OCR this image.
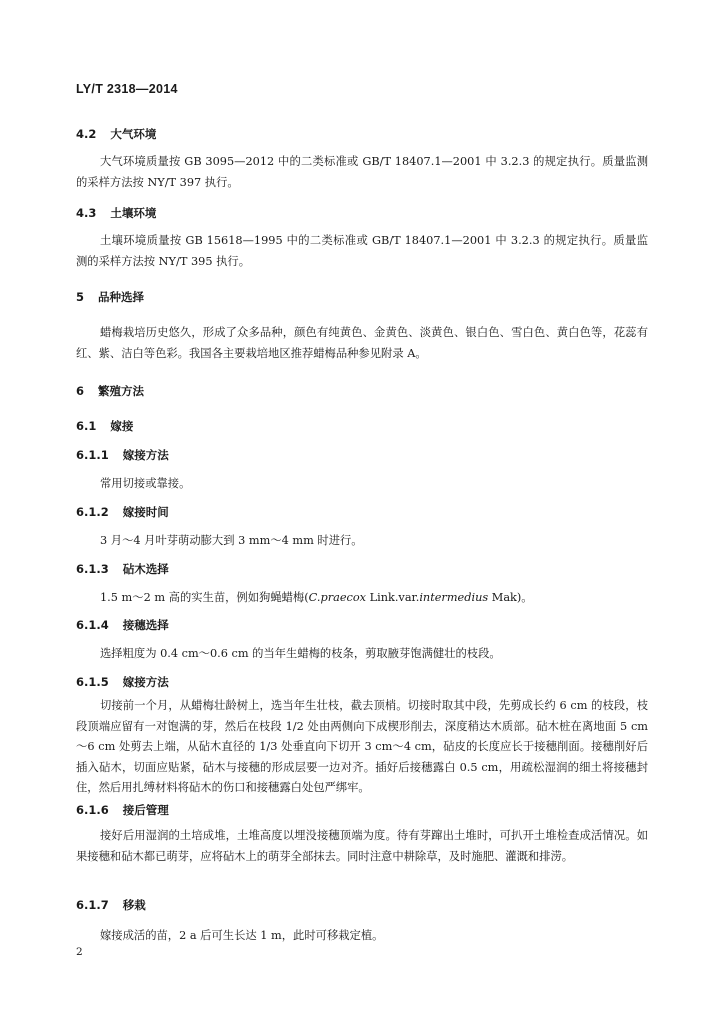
LY/T 2318—2014
4.2 大气环境
大气环境质量按 GB 3095—2012 中的二类标准或 GB/T 18407.1—2001 中 3.2.3 的规定执行。质量监测的采样方法按 NY/T 397 执行。
4.3 土壤环境
土壤环境质量按 GB 15618—1995 中的二类标准或 GB/T 18407.1—2001 中 3.2.3 的规定执行。质量监测的采样方法按 NY/T 395 执行。
5 品种选择
蜡梅栽培历史悠久，形成了众多品种，颜色有纯黄色、金黄色、淡黄色、银白色、雪白色、黄白色等，花蕊有红、紫、洁白等色彩。我国各主要栽培地区推荐蜡梅品种参见附录 A。
6 繁殖方法
6.1 嫁接
6.1.1 嫁接方法
常用切接或靠接。
6.1.2 嫁接时间
3 月～4 月叶芽萌动膨大到 3 mm～4 mm 时进行。
6.1.3 砧木选择
1.5 m～2 m 高的实生苗，例如狗蝇蜡梅(C.praecox Link.var.intermedius Mak)。
6.1.4 接穗选择
选择粗度为 0.4 cm～0.6 cm 的当年生蜡梅的枝条，剪取腋芽饱满健壮的枝段。
6.1.5 嫁接方法
切接前一个月，从蜡梅壮龄树上，选当年生壮枝，截去顶梢。切接时取其中段，先剪成长约 6 cm 的枝段，枝段顶端应留有一对饱满的芽，然后在枝段 1/2 处由两侧向下成楔形削去，深度稍达木质部。砧木桩在离地面 5 cm～6 cm 处剪去上端，从砧木直径的 1/3 处垂直向下切开 3 cm～4 cm，砧皮的长度应长于接穗削面。接穗削好后插入砧木，切面应贴紧，砧木与接穗的形成层要一边对齐。插好后接穗露白 0.5 cm，用疏松湿润的细土将接穗封住，然后用扎缚材料将砧木的伤口和接穗露白处包严绑牢。
6.1.6 接后管理
接好后用湿润的土培成堆，土堆高度以埋没接穗顶端为度。待有芽蹿出土堆时，可扒开土堆检查成活情况。如果接穗和砧木都已萌芽，应将砧木上的萌芽全部抹去。同时注意中耕除草，及时施肥、灌溉和排涝。
6.1.7 移栽
嫁接成活的苗，2 a 后可生长达 1 m，此时可移栽定植。
2
